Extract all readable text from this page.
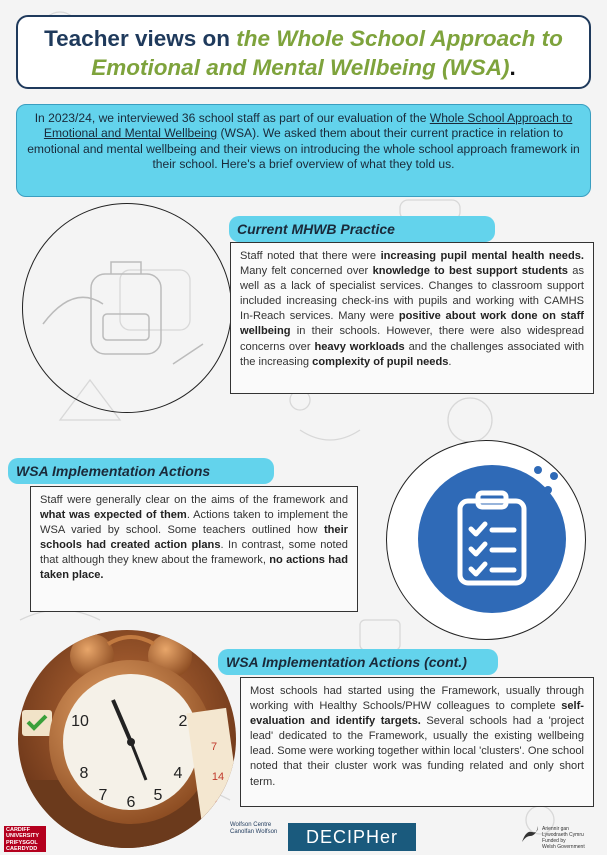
Teacher views on the Whole School Approach to Emotional and Mental Wellbeing (WSA).
In 2023/24, we interviewed 36 school staff as part of our evaluation of the Whole School Approach to Emotional and Mental Wellbeing (WSA). We asked them about their current practice in relation to emotional and mental wellbeing and their views on introducing the whole school approach framework in their school. Here's a brief overview of what they told us.
Current MHWB Practice
Staff noted that there were increasing pupil mental health needs. Many felt concerned over knowledge to best support students as well as a lack of specialist services. Changes to classroom support included increasing check-ins with pupils and working with CAMHS In-Reach services. Many were positive about work done on staff wellbeing in their schools. However, there were also widespread concerns over heavy workloads and the challenges associated with the increasing complexity of pupil needs.
WSA Implementation Actions
Staff were generally clear on the aims of the framework and what was expected of them. Actions taken to implement the WSA varied by school. Some teachers outlined how their schools had created action plans. In contrast, some noted that although they knew about the framework, no actions had taken place.
WSA Implementation Actions (cont.)
Most schools had started using the Framework, usually through working with Healthy Schools/PHW colleagues to complete self-evaluation and identify targets. Several schools had a 'project lead' dedicated to the Framework, usually the existing wellbeing lead. Some were working together within local 'clusters'. One school noted that their cluster work was funding related and only short term.
10	2
4
5
6
7
8
7
14
21
CARDIFF
UNIVERSITY
PRIFYSGOL
CAERDYDD
Wolfson Centre
Canolfan Wolfson	DECIPHer	Ariennir gan
Lywodraeth Cymru
Funded by
Welsh Government
